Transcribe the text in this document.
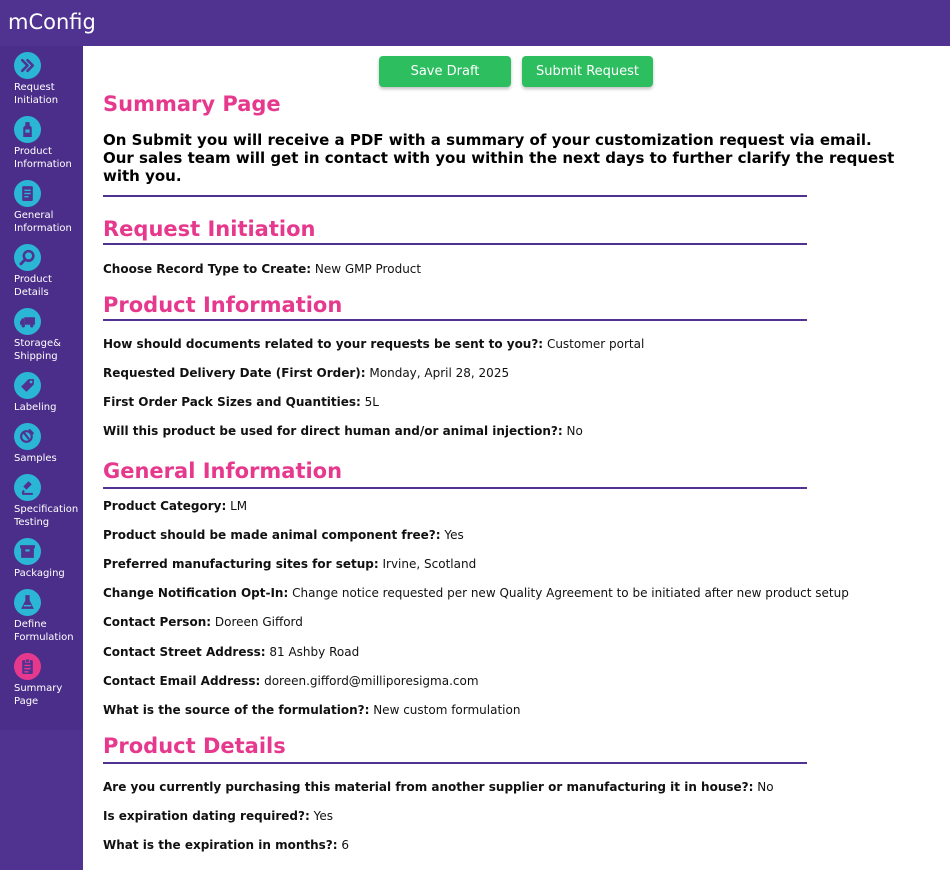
mConfig
Request
Initiation
Product
Information
General
Information
Product
Details
Storage&
Shipping
Labeling
Samples
Specification
Testing
Packaging
Define
Formulation
Summary
Page
Save Draft	Submit Request
Summary Page
On Submit you will receive a PDF with a summary of your customization request via email. Our sales team will get in contact with you within the next days to further clarify the request with you.
Request Initiation
Choose Record Type to Create: New GMP Product
Product Information
How should documents related to your requests be sent to you?: Customer portal
Requested Delivery Date (First Order): Monday, April 28, 2025
First Order Pack Sizes and Quantities: 5L
Will this product be used for direct human and/or animal injection?: No
General Information
Product Category: LM
Product should be made animal component free?: Yes
Preferred manufacturing sites for setup: Irvine, Scotland
Change Notification Opt-In: Change notice requested per new Quality Agreement to be initiated after new product setup
Contact Person: Doreen Gifford
Contact Street Address: 81 Ashby Road
Contact Email Address: doreen.gifford@milliporesigma.com
What is the source of the formulation?: New custom formulation
Product Details
Are you currently purchasing this material from another supplier or manufacturing it in house?: No
Is expiration dating required?: Yes
What is the expiration in months?: 6
